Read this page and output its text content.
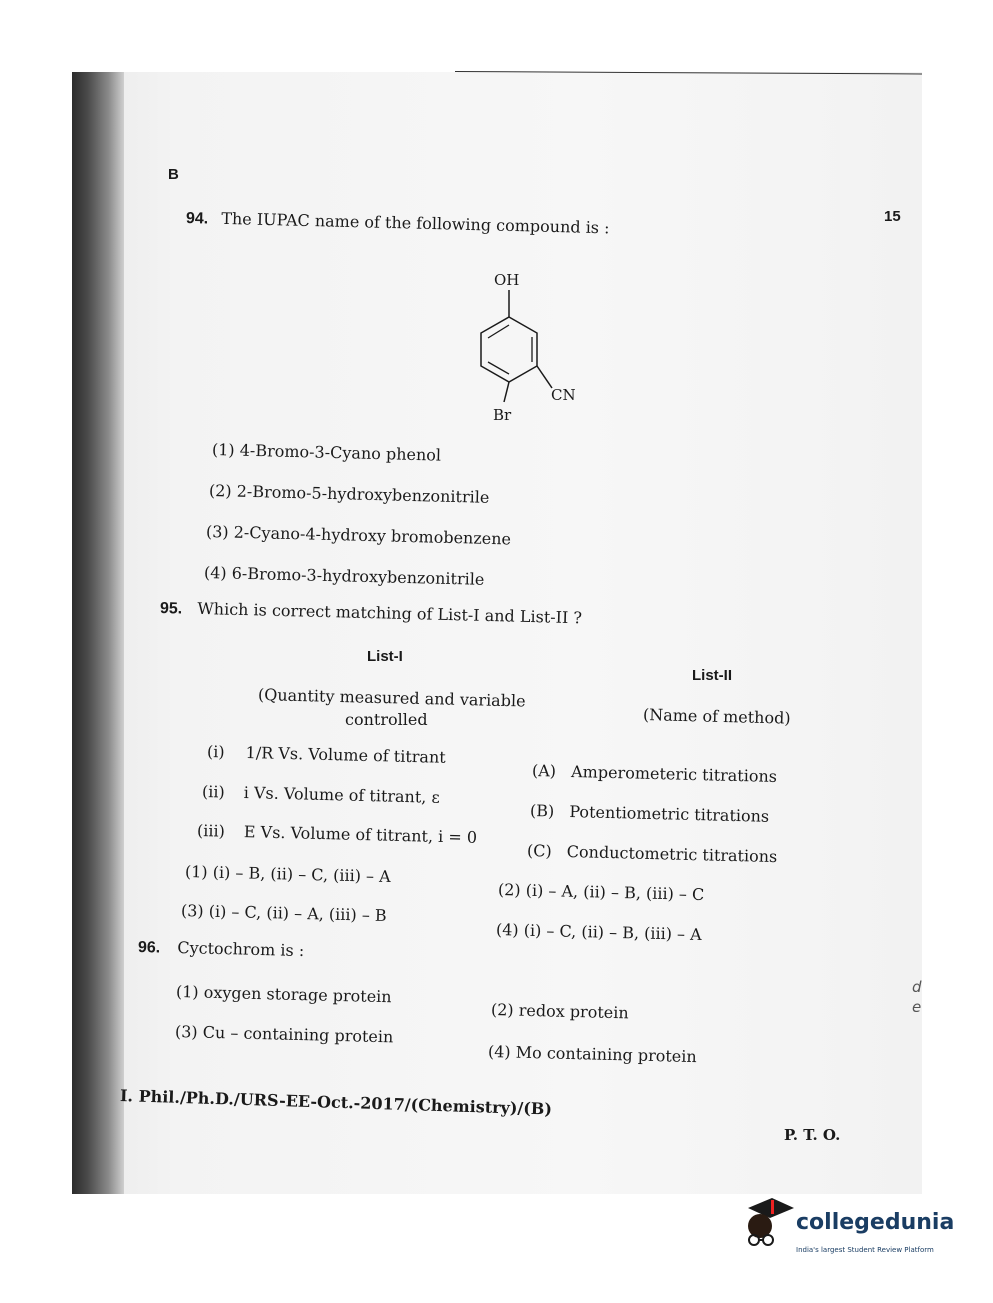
B
15
94. The IUPAC name of the following compound is :
OH
CN
Br
(1) 4-Bromo-3-Cyano phenol
(2) 2-Bromo-5-hydroxybenzonitrile
(3) 2-Cyano-4-hydroxy bromobenzene
(4) 6-Bromo-3-hydroxybenzonitrile
95. Which is correct matching of List-I and List-II ?
List-I
List-II
(Quantity measured and variable
controlled	(Name of method)
(i) 1/R Vs. Volume of titrant
(ii) i Vs. Volume of titrant, ε
(iii) E Vs. Volume of titrant, i = 0
(A) Amperometeric titrations
(B) Potentiometric titrations
(C) Conductometric titrations
(1) (i) – B, (ii) – C, (iii) – A
(2) (i) – A, (ii) – B, (iii) – C
(3) (i) – C, (ii) – A, (iii) – B
(4) (i) – C, (ii) – B, (iii) – A
96. Cyctochrom is :
(1) oxygen storage protein
(2) redox protein
(3) Cu – containing protein
(4) Mo containing protein
I. Phil./Ph.D./URS-EE-Oct.-2017/(Chemistry)/(B)
P. T. O.
d
e
collegedunia
India's largest Student Review Platform
